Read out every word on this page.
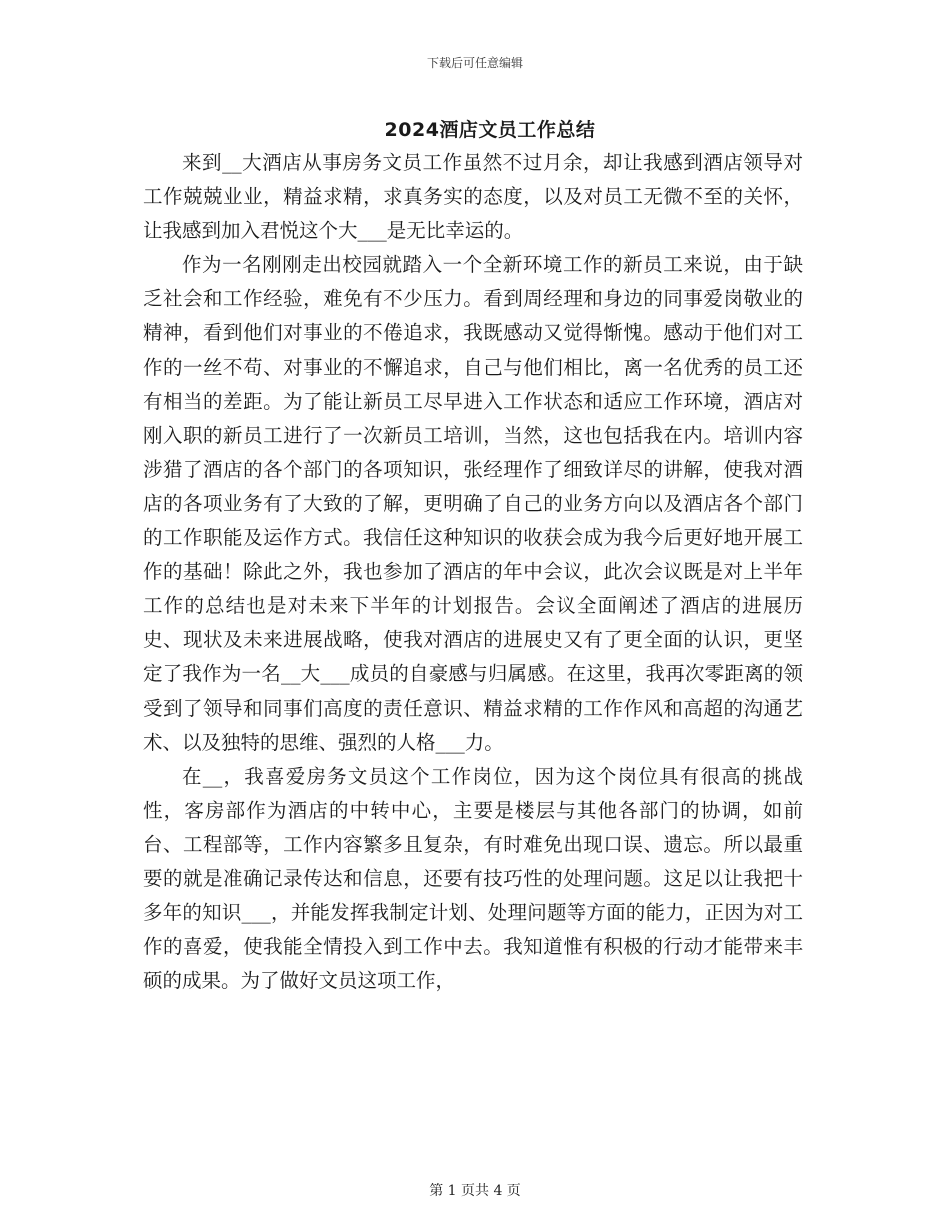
下载后可任意编辑
2024酒店文员工作总结

来到__大酒店从事房务文员工作虽然不过月余，却让我感到酒店领导对工作兢兢业业，精益求精，求真务实的态度，以及对员工无微不至的关怀，让我感到加入君悦这个大___是无比幸运的。

作为一名刚刚走出校园就踏入一个全新环境工作的新员工来说，由于缺乏社会和工作经验，难免有不少压力。看到周经理和身边的同事爱岗敬业的精神，看到他们对事业的不倦追求，我既感动又觉得惭愧。感动于他们对工作的一丝不苟、对事业的不懈追求，自己与他们相比，离一名优秀的员工还有相当的差距。为了能让新员工尽早进入工作状态和适应工作环境，酒店对刚入职的新员工进行了一次新员工培训，当然，这也包括我在内。培训内容涉猎了酒店的各个部门的各项知识，张经理作了细致详尽的讲解，使我对酒店的各项业务有了大致的了解，更明确了自己的业务方向以及酒店各个部门的工作职能及运作方式。我信任这种知识的收获会成为我今后更好地开展工作的基础！除此之外，我也参加了酒店的年中会议，此次会议既是对上半年工作的总结也是对未来下半年的计划报告。会议全面阐述了酒店的进展历史、现状及未来进展战略，使我对酒店的进展史又有了更全面的认识，更坚定了我作为一名__大___成员的自豪感与归属感。在这里，我再次零距离的领受到了领导和同事们高度的责任意识、精益求精的工作作风和高超的沟通艺术、以及独特的思维、强烈的人格___力。

在__，我喜爱房务文员这个工作岗位，因为这个岗位具有很高的挑战性，客房部作为酒店的中转中心，主要是楼层与其他各部门的协调，如前台、工程部等，工作内容繁多且复杂，有时难免出现口误、遗忘。所以最重要的就是准确记录传达和信息，还要有技巧性的处理问题。这足以让我把十多年的知识___，并能发挥我制定计划、处理问题等方面的能力，正因为对工作的喜爱，使我能全情投入到工作中去。我知道惟有积极的行动才能带来丰硕的成果。为了做好文员这项工作，

第 1 页共 4 页
